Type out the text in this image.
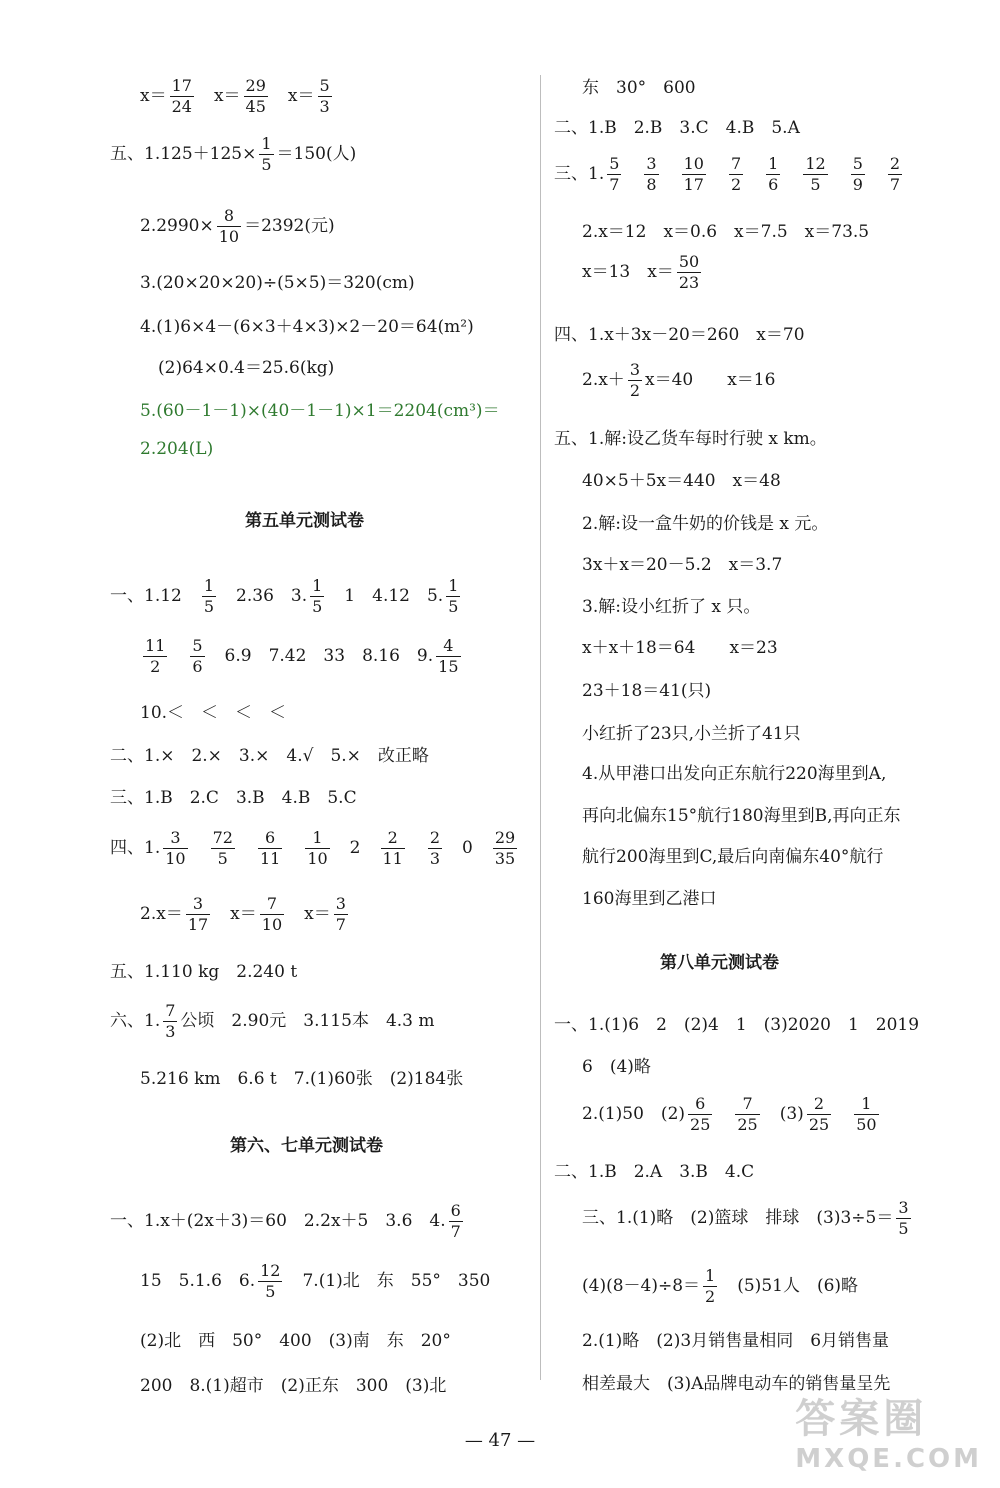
$x= \frac{17}{24}$ 　$x= \frac{29}{45}$ 　$x= \frac{5}{3}$
五、$1.125+125\times \frac{1}{5} =150$(人)
$2.2990\times \frac{8}{10} =2392$(元)
3.(20×20×20)÷(5×5)＝320(cm)
4.(1)6×4－(6×3＋4×3)×2－20＝64(m²)
(2)64×0.4＝25.6(kg)
5.(60－1－1)×(40－1－1)×1＝2204(cm³)＝
2.204(L)
第五单元测试卷
一、1.12　 $\frac{1}{5}$ 　2.36　3. $\frac{1}{5}$ 　1　4.12　5. $\frac{1}{5}$
$\frac{11}{2}$
　 $\frac{5}{6}$ 　6.9　7.42　33　8.16　9. $\frac{4}{15}$
10.＜　＜　＜　＜
二、1.×　2.×　3.×　4.√　5.×　改正略
三、1.B　2.C　3.B　4.B　5.C
四、1. $\frac{3}{10}$
　 $\frac{72}{5}$
　 $\frac{6}{11}$
　 $\frac{1}{10}$ 　2　 $\frac{2}{11}$
　 $\frac{2}{3}$ 　0　 $\frac{29}{35}$
$2.x= \frac{3}{17}$ 　$x= \frac{7}{10}$ 　$x= \frac{3}{7}$
五、1.110 kg　2.240 t
六、1. $\frac{7}{3}$ 公顷　2.90元　3.115本　4.3 m
5.216 km　6.6 t　7.(1)60张　(2)184张
第六、七单元测试卷
一、1.x＋(2x＋3)＝60　2.2x＋5　3.6　4. $\frac{6}{7}$
15　5.1.6　6. $\frac{12}{5}$ 　7.(1)北　东　55°　350
(2)北　西　50°　400　(3)南　东　20°
200　8.(1)超市　(2)正东　300　(3)北
东　30°　600
二、1.B　2.B　3.C　4.B　5.A
三、1. $\frac{5}{7}$
　 $\frac{3}{8}$
　 $\frac{10}{17}$
　 $\frac{7}{2}$
　 $\frac{1}{6}$
　 $\frac{12}{5}$
　 $\frac{5}{9}$
　 $\frac{2}{7}$
2.x＝12　x＝0.6　x＝7.5　x＝73.5
x＝13　$x= \frac{50}{23}$
四、1.x＋3x－20＝260　x＝70
$2.x+ \frac{3}{2} x=40$　　x＝16
五、1.解:设乙货车每时行驶 x km。
40×5＋5x＝440　x＝48
2.解:设一盒牛奶的价钱是 x 元。
3x＋x＝20－5.2　x＝3.7
3.解:设小红折了 x 只。
x＋x＋18＝64　　x＝23
23＋18＝41(只)
小红折了23只,小兰折了41只
4.从甲港口出发向正东航行220海里到A,
再向北偏东15°航行180海里到B,再向正东
航行200海里到C,最后向南偏东40°航行
160海里到乙港口
第八单元测试卷
一、1.(1)6　2　(2)4　1　(3)2020　1　2019
6　(4)略
2.(1)50　$(2) \frac{6}{25}$
　 $\frac{7}{25}$ 　$(3) \frac{2}{25}$
　 $\frac{1}{50}$
二、1.B　2.A　3.B　4.C
三、1.(1)略　(2)篮球　排球　$(3)3\div 5= \frac{3}{5}$
$(4)(8-4)\div 8= \frac{1}{2}$ 　(5)51人　(6)略
2.(1)略　(2)3月销售量相同　6月销售量
相差最大　(3)A品牌电动车的销售量呈先
— 47 —	答案圈
MXQE.COM
